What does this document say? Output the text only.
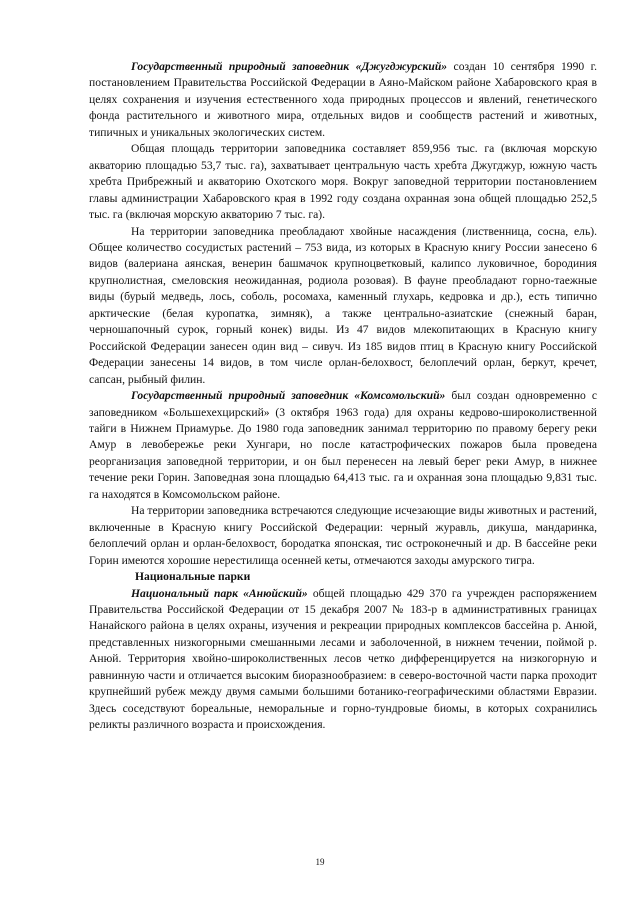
Государственный природный заповедник «Джугджурский» создан 10 сентября 1990 г. постановлением Правительства Российской Федерации в Аяно-Майском районе Хабаровского края в целях сохранения и изучения естественного хода природных процессов и явлений, генетического фонда растительного и животного мира, отдельных видов и сообществ растений и животных, типичных и уникальных экологических систем.

Общая площадь территории заповедника составляет 859,956 тыс. га (включая морскую акваторию площадью 53,7 тыс. га), захватывает центральную часть хребта Джугджур, южную часть хребта Прибрежный и акваторию Охотского моря. Вокруг заповедной территории постановлением главы администрации Хабаровского края в 1992 году создана охранная зона общей площадью 252,5 тыс. га (включая морскую акваторию 7 тыс. га).

На территории заповедника преобладают хвойные насаждения (лиственница, сосна, ель). Общее количество сосудистых растений – 753 вида, из которых в Красную книгу России занесено 6 видов (валериана аянская, венерин башмачок крупноцветковый, калипсо луковичное, бородиния крупнолистная, смеловския неожиданная, родиола розовая). В фауне преобладают горно-таежные виды (бурый медведь, лось, соболь, росомаха, каменный глухарь, кедровка и др.), есть типично арктические (белая куропатка, зимняк), а также центрально-азиатские (снежный баран, черношапочный сурок, горный конек) виды. Из 47 видов млекопитающих в Красную книгу Российской Федерации занесен один вид – сивуч. Из 185 видов птиц в Красную книгу Российской Федерации занесены 14 видов, в том числе орлан-белохвост, белоплечий орлан, беркут, кречет, сапсан, рыбный филин.

Государственный природный заповедник «Комсомольский» был создан одновременно с заповедником «Большехехцирский» (3 октября 1963 года) для охраны кедрово-широколиственной тайги в Нижнем Приамурье. До 1980 года заповедник занимал территорию по правому берегу реки Амур в левобережье реки Хунгари, но после катастрофических пожаров была проведена реорганизация заповедной территории, и он был перенесен на левый берег реки Амур, в нижнее течение реки Горин. Заповедная зона площадью 64,413 тыс. га и охранная зона площадью 9,831 тыс. га находятся в Комсомольском районе.

На территории заповедника встречаются следующие исчезающие виды животных и растений, включенные в Красную книгу Российской Федерации: черный журавль, дикуша, мандаринка, белоплечий орлан и орлан-белохвост, бородатка японская, тис остроконечный и др. В бассейне реки Горин имеются хорошие нерестилища осенней кеты, отмечаются заходы амурского тигра.

Национальные парки

Национальный парк «Анюйский» общей площадью 429 370 га учрежден распоряжением Правительства Российской Федерации от 15 декабря 2007 № 183-р в административных границах Нанайского района в целях охраны, изучения и рекреации природных комплексов бассейна р. Анюй, представленных низкогорными смешанными лесами и заболоченной, в нижнем течении, поймой р. Анюй. Территория хвойно-широколиственных лесов четко дифференцируется на низкогорную и равнинную части и отличается высоким биоразнообразием: в северо-восточной части парка проходит крупнейший рубеж между двумя самыми большими ботанико-географическими областями Евразии. Здесь соседствуют бореальные, неморальные и горно-тундровые биомы, в которых сохранились реликты различного возраста и происхождения.

19
